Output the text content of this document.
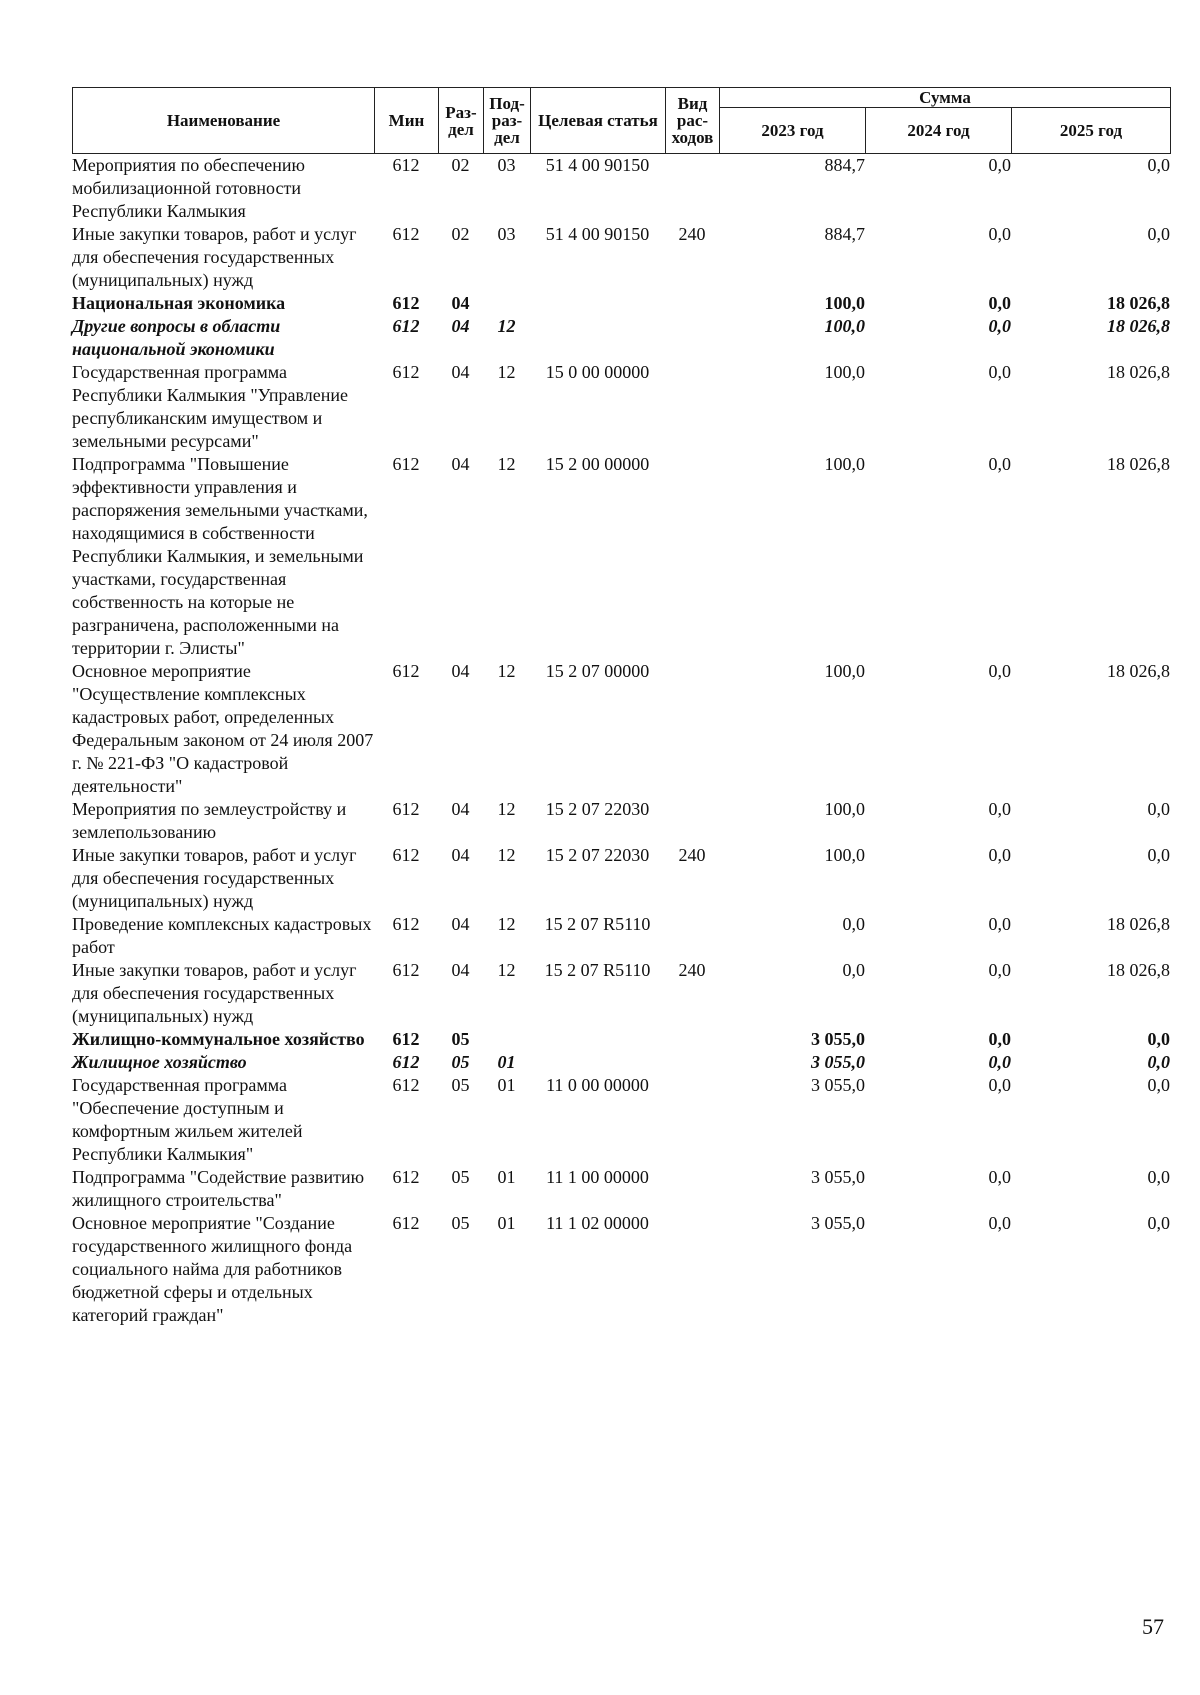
Наименование	Мин	Раз-дел	Под-раз-дел	Целевая статья	Вид рас-ходов	Сумма		
						2023 год	2024 год	2025 год
Мероприятия по обеспечению мобилизационной готовности Республики Калмыкия	612	02	03	51 4 00 90150		884,7	0,0	0,0
Иные закупки товаров, работ и услуг для обеспечения государственных (муниципальных) нужд	612	02	03	51 4 00 90150	240	884,7	0,0	0,0
Национальная экономика	612	04				100,0	0,0	18 026,8
Другие вопросы в области национальной экономики	612	04	12			100,0	0,0	18 026,8
Государственная программа Республики Калмыкия "Управление республиканским имуществом и земельными ресурсами"	612	04	12	15 0 00 00000		100,0	0,0	18 026,8
Подпрограмма "Повышение эффективности управления и распоряжения земельными участками, находящимися в собственности Республики Калмыкия, и земельными участками, государственная собственность на которые не разграничена, расположенными на территории г. Элисты"	612	04	12	15 2 00 00000		100,0	0,0	18 026,8
Основное мероприятие "Осуществление комплексных кадастровых работ, определенных Федеральным законом от 24 июля 2007 г. № 221-ФЗ "О кадастровой деятельности"	612	04	12	15 2 07 00000		100,0	0,0	18 026,8
Мероприятия по землеустройству и землепользованию	612	04	12	15 2 07 22030		100,0	0,0	0,0
Иные закупки товаров, работ и услуг для обеспечения государственных (муниципальных) нужд	612	04	12	15 2 07 22030	240	100,0	0,0	0,0
Проведение комплексных кадастровых работ	612	04	12	15 2 07 R5110		0,0	0,0	18 026,8
Иные закупки товаров, работ и услуг для обеспечения государственных (муниципальных) нужд	612	04	12	15 2 07 R5110	240	0,0	0,0	18 026,8
Жилищно-коммунальное хозяйство	612	05				3 055,0	0,0	0,0
Жилищное хозяйство	612	05	01			3 055,0	0,0	0,0
Государственная программа "Обеспечение доступным и комфортным жильем жителей Республики Калмыкия"	612	05	01	11 0 00 00000		3 055,0	0,0	0,0
Подпрограмма "Содействие развитию жилищного строительства"	612	05	01	11 1 00 00000		3 055,0	0,0	0,0
Основное мероприятие "Создание государственного жилищного фонда социального найма для работников бюджетной сферы и отдельных категорий граждан"	612	05	01	11 1 02 00000		3 055,0	0,0	0,0
57
